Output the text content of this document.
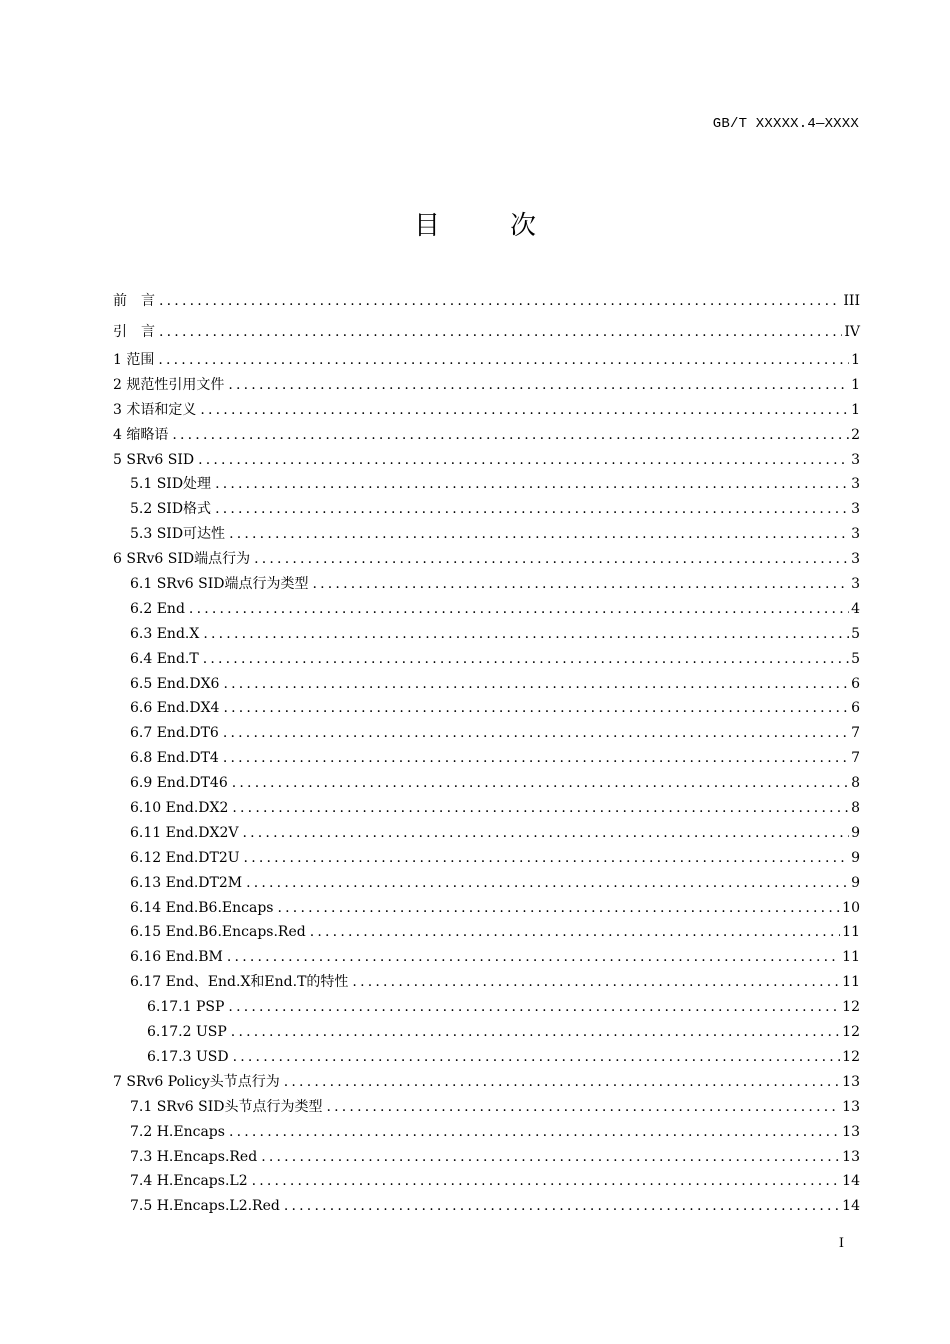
GB/T XXXXX.4—XXXX
目　次
前　言 .....	III
引　言 .....	IV
1 范围 .....	1
2 规范性引用文件 .....	1
3 术语和定义 .....	1
4 缩略语 .....	2
5 SRv6 SID .....	3
5.1 SID处理 .....	3
5.2 SID格式 .....	3
5.3 SID可达性 .....	3
6 SRv6 SID端点行为 .....	3
6.1 SRv6 SID端点行为类型 .....	3
6.2 End .....	4
6.3 End.X .....	5
6.4 End.T .....	5
6.5 End.DX6 .....	6
6.6 End.DX4 .....	6
6.7 End.DT6 .....	7
6.8 End.DT4 .....	7
6.9 End.DT46 .....	8
6.10 End.DX2 .....	8
6.11 End.DX2V .....	9
6.12 End.DT2U .....	9
6.13 End.DT2M .....	9
6.14 End.B6.Encaps .....	10
6.15 End.B6.Encaps.Red .....	11
6.16 End.BM .....	11
6.17 End、End.X和End.T的特性 .....	11
6.17.1 PSP .....	12
6.17.2 USP .....	12
6.17.3 USD .....	12
7 SRv6 Policy头节点行为 .....	13
7.1 SRv6 SID头节点行为类型 .....	13
7.2 H.Encaps .....	13
7.3 H.Encaps.Red .....	13
7.4 H.Encaps.L2 .....	14
7.5 H.Encaps.L2.Red .....	14
I
